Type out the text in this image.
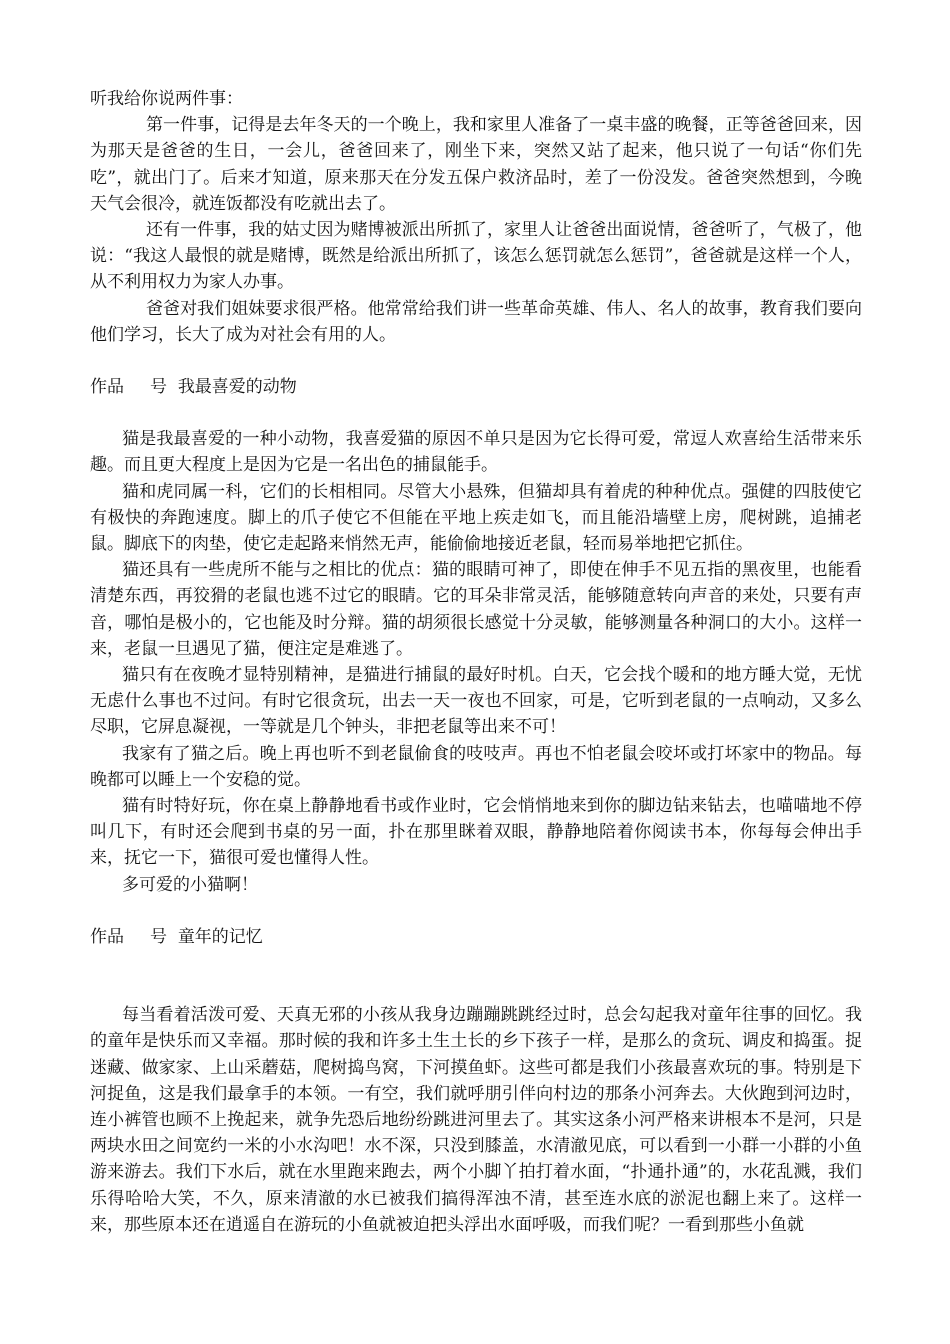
听我给你说两件事：

第一件事，记得是去年冬天的一个晚上，我和家里人准备了一桌丰盛的晚餐，正等爸爸回来，因为那天是爸爸的生日，一会儿，爸爸回来了，刚坐下来，突然又站了起来，他只说了一句话“你们先吃”，就出门了。后来才知道，原来那天在分发五保户救济品时，差了一份没发。爸爸突然想到，今晚天气会很冷，就连饭都没有吃就出去了。

还有一件事，我的姑丈因为赌博被派出所抓了，家里人让爸爸出面说情，爸爸听了，气极了，他说：“我这人最恨的就是赌博，既然是给派出所抓了，该怎么惩罚就怎么惩罚”，爸爸就是这样一个人，从不利用权力为家人办事。

爸爸对我们姐妹要求很严格。他常常给我们讲一些革命英雄、伟人、名人的故事，教育我们要向他们学习，长大了成为对社会有用的人。

作品 号 我最喜爱的动物

猫是我最喜爱的一种小动物，我喜爱猫的原因不单只是因为它长得可爱，常逗人欢喜给生活带来乐趣。而且更大程度上是因为它是一名出色的捕鼠能手。

猫和虎同属一科，它们的长相相同。尽管大小悬殊，但猫却具有着虎的种种优点。强健的四肢使它有极快的奔跑速度。脚上的爪子使它不但能在平地上疾走如飞，而且能沿墙壁上房，爬树跳，追捕老鼠。脚底下的肉垫，使它走起路来悄然无声，能偷偷地接近老鼠，轻而易举地把它抓住。

猫还具有一些虎所不能与之相比的优点：猫的眼睛可神了，即使在伸手不见五指的黑夜里，也能看清楚东西，再狡猾的老鼠也逃不过它的眼睛。它的耳朵非常灵活，能够随意转向声音的来处，只要有声音，哪怕是极小的，它也能及时分辩。猫的胡须很长感觉十分灵敏，能够测量各种洞口的大小。这样一来，老鼠一旦遇见了猫，便注定是难逃了。

猫只有在夜晚才显特别精神，是猫进行捕鼠的最好时机。白天，它会找个暖和的地方睡大觉，无忧无虑什么事也不过问。有时它很贪玩，出去一天一夜也不回家，可是，它听到老鼠的一点响动，又多么尽职，它屏息凝视，一等就是几个钟头，非把老鼠等出来不可！

我家有了猫之后。晚上再也听不到老鼠偷食的吱吱声。再也不怕老鼠会咬坏或打坏家中的物品。每晚都可以睡上一个安稳的觉。

猫有时特好玩，你在桌上静静地看书或作业时，它会悄悄地来到你的脚边钻来钻去，也喵喵地不停叫几下，有时还会爬到书桌的另一面，扑在那里眯着双眼，静静地陪着你阅读书本，你每每会伸出手来，抚它一下，猫很可爱也懂得人性。

多可爱的小猫啊！

作品 号 童年的记忆

每当看着活泼可爱、天真无邪的小孩从我身边蹦蹦跳跳经过时，总会勾起我对童年往事的回忆。我的童年是快乐而又幸福。那时候的我和许多土生土长的乡下孩子一样，是那么的贪玩、调皮和捣蛋。捉迷藏、做家家、上山采蘑菇，爬树捣鸟窝，下河摸鱼虾。这些可都是我们小孩最喜欢玩的事。特别是下河捉鱼，这是我们最拿手的本领。一有空，我们就呼朋引伴向村边的那条小河奔去。大伙跑到河边时，连小裤管也顾不上挽起来，就争先恐后地纷纷跳进河里去了。其实这条小河严格来讲根本不是河，只是两块水田之间宽约一米的小水沟吧！水不深，只没到膝盖，水清澈见底，可以看到一小群一小群的小鱼游来游去。我们下水后，就在水里跑来跑去，两个小脚丫拍打着水面，“扑通扑通”的，水花乱溅，我们乐得哈哈大笑，不久，原来清澈的水已被我们搞得浑浊不清，甚至连水底的淤泥也翻上来了。这样一来，那些原本还在逍遥自在游玩的小鱼就被迫把头浮出水面呼吸，而我们呢？一看到那些小鱼就
